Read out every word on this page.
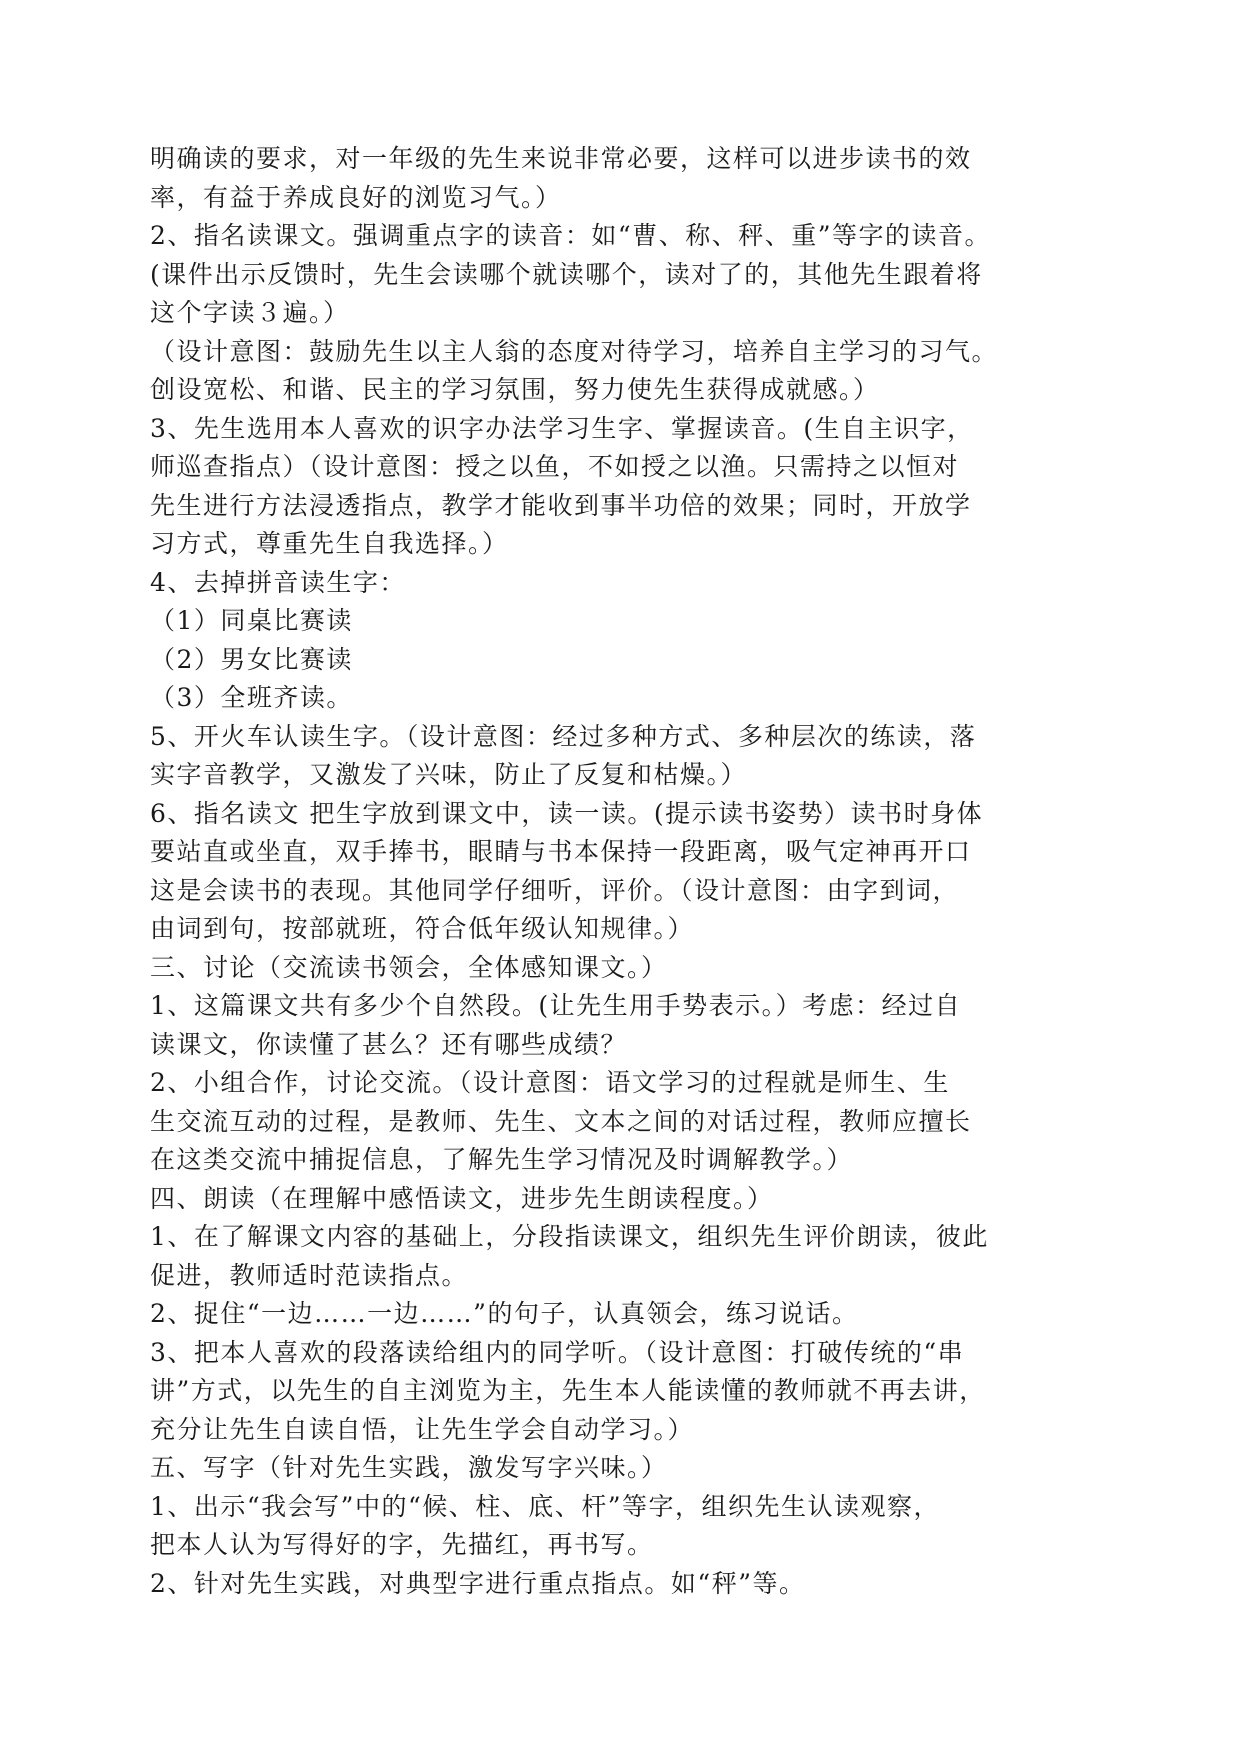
明确读的要求，对一年级的先生来说非常必要，这样可以进步读书的效
率，有益于养成良好的浏览习气。）
2、指名读课文。强调重点字的读音：如“曹、称、秤、重”等字的读音。
(课件出示反馈时，先生会读哪个就读哪个，读对了的，其他先生跟着将
这个字读３遍。）
（设计意图：鼓励先生以主人翁的态度对待学习，培养自主学习的习气。
创设宽松、和谐、民主的学习氛围，努力使先生获得成就感。）
3、先生选用本人喜欢的识字办法学习生字、掌握读音。(生自主识字，
师巡查指点）（设计意图：授之以鱼，不如授之以渔。只需持之以恒对
先生进行方法浸透指点，教学才能收到事半功倍的效果；同时，开放学
习方式，尊重先生自我选择。）
4、去掉拼音读生字：
（1）同桌比赛读
（2）男女比赛读
（3）全班齐读。
5、开火车认读生字。（设计意图：经过多种方式、多种层次的练读，落
实字音教学，又激发了兴味，防止了反复和枯燥。）
6、指名读文 把生字放到课文中，读一读。(提示读书姿势）读书时身体
要站直或坐直，双手捧书，眼睛与书本保持一段距离，吸气定神再开口
这是会读书的表现。其他同学仔细听，评价。（设计意图：由字到词，
由词到句，按部就班，符合低年级认知规律。）
三、讨论（交流读书领会，全体感知课文。）
1、这篇课文共有多少个自然段。(让先生用手势表示。）考虑：经过自
读课文，你读懂了甚么？还有哪些成绩？
2、小组合作，讨论交流。（设计意图：语文学习的过程就是师生、生
生交流互动的过程，是教师、先生、文本之间的对话过程，教师应擅长
在这类交流中捕捉信息，了解先生学习情况及时调解教学。）
四、朗读（在理解中感悟读文，进步先生朗读程度。）
1、在了解课文内容的基础上，分段指读课文，组织先生评价朗读，彼此
促进，教师适时范读指点。
2、捉住“一边……一边……”的句子，认真领会，练习说话。
3、把本人喜欢的段落读给组内的同学听。（设计意图：打破传统的“串
讲”方式，以先生的自主浏览为主，先生本人能读懂的教师就不再去讲，
充分让先生自读自悟，让先生学会自动学习。）
五、写字（针对先生实践，激发写字兴味。）
1、出示“我会写”中的“候、柱、底、杆”等字，组织先生认读观察，
把本人认为写得好的字，先描红，再书写。
2、针对先生实践，对典型字进行重点指点。如“秤”等。
